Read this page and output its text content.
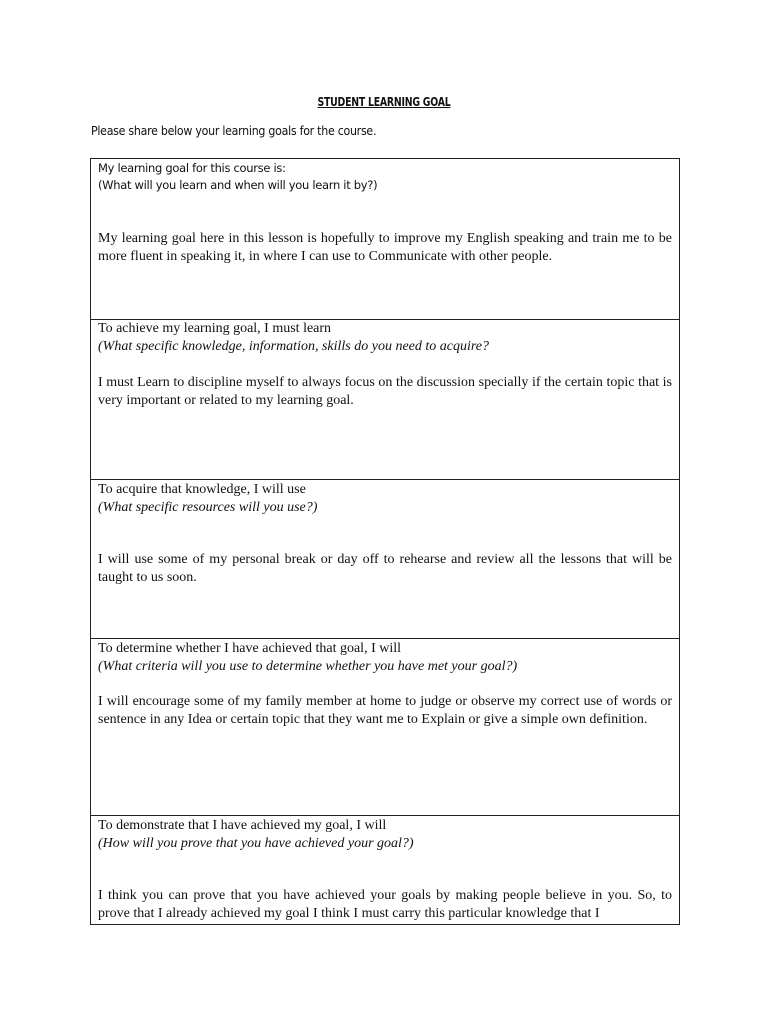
STUDENT LEARNING GOAL
Please share below your learning goals for the course.
My learning goal for this course is:
(What will you learn and when will you learn it by?)
My learning goal here in this lesson is hopefully to improve my English speaking and train me to be more fluent in speaking it, in where I can use to Communicate with other people.
To achieve my learning goal, I must learn
(What specific knowledge, information, skills do you need to acquire?
I must Learn to discipline myself to always focus on the discussion specially if the certain topic that is very important or related to my learning goal.
To acquire that knowledge, I will use
(What specific resources will you use?)
I will use some of my personal break or day off to rehearse and review all the lessons that will be taught to us soon.
To determine whether I have achieved that goal, I will
(What criteria will you use to determine whether you have met your goal?)
I will encourage some of my family member at home to judge or observe my correct use of words or sentence in any Idea or certain topic that they want me to Explain or give a simple own definition.
To demonstrate that I have achieved my goal, I will
(How will you prove that you have achieved your goal?)
I think you can prove that you have achieved your goals by making people believe in you. So, to prove that I already achieved my goal I think I must carry this particular knowledge that I
